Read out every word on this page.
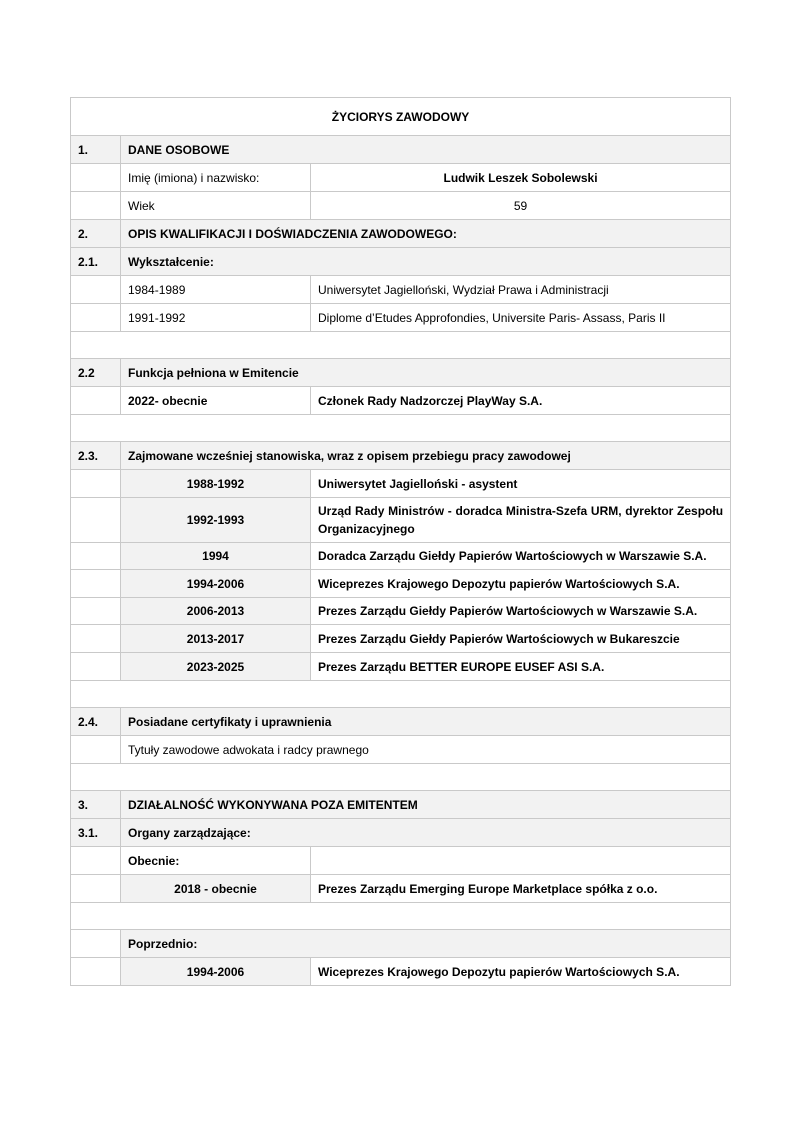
ŻYCIORYS ZAWODOWY		
1.	DANE OSOBOWE	
	Imię (imiona) i nazwisko:	Ludwik Leszek Sobolewski
	Wiek	59
2.	OPIS KWALIFIKACJI I DOŚWIADCZENIA ZAWODOWEGO:	
2.1.	Wykształcenie:	
	1984-1989	Uniwersytet Jagielloński, Wydział Prawa i Administracji
	1991-1992	Diplome d’Etudes Approfondies, Universite Paris- Assass, Paris II

2.2	Funkcja pełniona w Emitencie	
	2022- obecnie	Członek Rady Nadzorczej PlayWay S.A.

2.3.	Zajmowane wcześniej stanowiska, wraz z opisem przebiegu pracy zawodowej	
	1988-1992	Uniwersytet Jagielloński - asystent
	1992-1993	Urząd Rady Ministrów - doradca Ministra-Szefa URM, dyrektor Zespołu Organizacyjnego
	1994	Doradca Zarządu Giełdy Papierów Wartościowych w Warszawie S.A.
	1994-2006	Wiceprezes Krajowego Depozytu papierów Wartościowych S.A.
	2006-2013	Prezes Zarządu Giełdy Papierów Wartościowych w Warszawie S.A.
	2013-2017	Prezes Zarządu Giełdy Papierów Wartościowych w Bukareszcie
	2023-2025	Prezes Zarządu BETTER EUROPE EUSEF ASI S.A.

2.4.	Posiadane certyfikaty i uprawnienia	
	Tytuły zawodowe adwokata i radcy prawnego	

3.	DZIAŁALNOŚĆ WYKONYWANA POZA EMITENTEM	
3.1.	Organy zarządzające:	
	Obecnie:	
	2018 - obecnie	Prezes Zarządu Emerging Europe Marketplace spółka z o.o.

	Poprzednio:	
	1994-2006	Wiceprezes Krajowego Depozytu papierów Wartościowych S.A.
